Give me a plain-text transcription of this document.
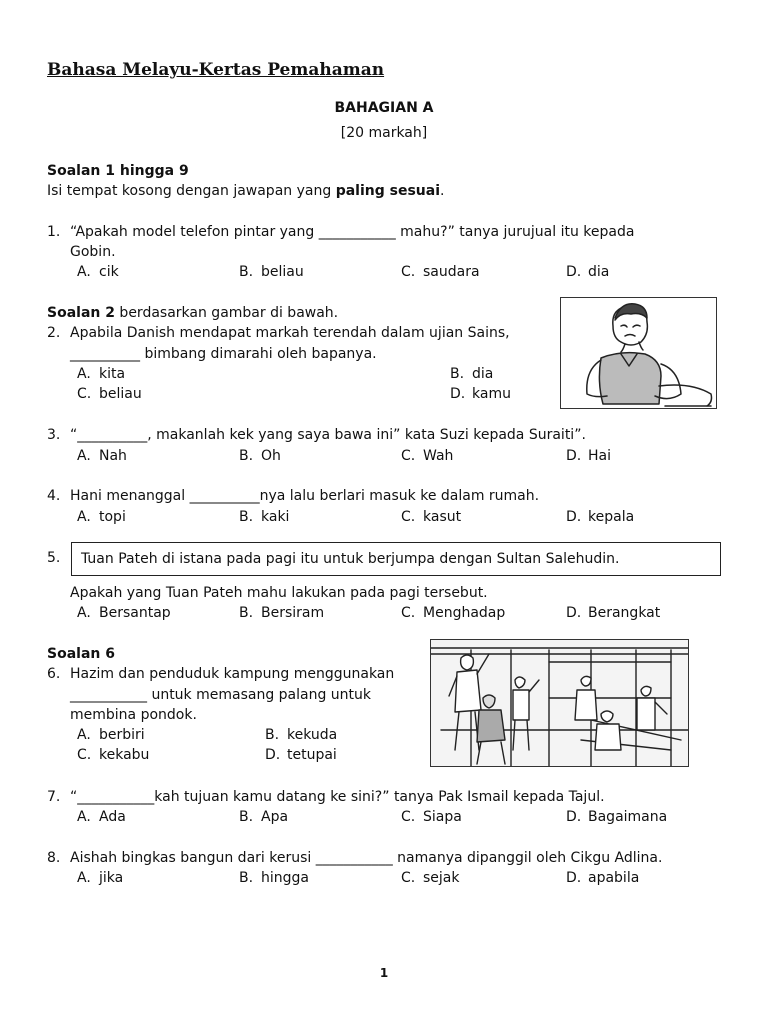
Bahasa Melayu-Kertas Pemahaman
BAHAGIAN A
[20 markah]
Soalan 1 hingga 9
Isi tempat kosong dengan jawapan yang paling sesuai.
1. “Apakah model telefon pintar yang ___________ mahu?” tanya jurujual itu kepada
Gobin.
A. cik	B. beliau	C. saudara	D. dia
Soalan 2 berdasarkan gambar di bawah.
2. Apabila Danish mendapat markah terendah dalam ujian Sains,
__________ bimbang dimarahi oleh bapanya.
A. kita	B. dia
C. beliau	D. kamu
3. “__________, makanlah kek yang saya bawa ini” kata Suzi kepada Suraiti”.
A. Nah	B. Oh	C. Wah	D. Hai
4. Hani menanggal __________nya lalu berlari masuk ke dalam rumah.
A. topi	B. kaki	C. kasut	D. kepala
5. Tuan Pateh di istana pada pagi itu untuk berjumpa dengan Sultan Salehudin.
Apakah yang Tuan Pateh mahu lakukan pada pagi tersebut.
A. Bersantap	B. Bersiram	C. Menghadap	D. Berangkat
Soalan 6
6. Hazim dan penduduk kampung menggunakan
___________ untuk memasang palang untuk
membina pondok.
A. berbiri	B. kekuda
C. kekabu	D. tetupai
7. “___________kah tujuan kamu datang ke sini?” tanya Pak Ismail kepada Tajul.
A. Ada	B. Apa	C. Siapa	D. Bagaimana
8. Aishah bingkas bangun dari kerusi ___________ namanya dipanggil oleh Cikgu Adlina.
A. jika	B. hingga	C. sejak	D. apabila
1
